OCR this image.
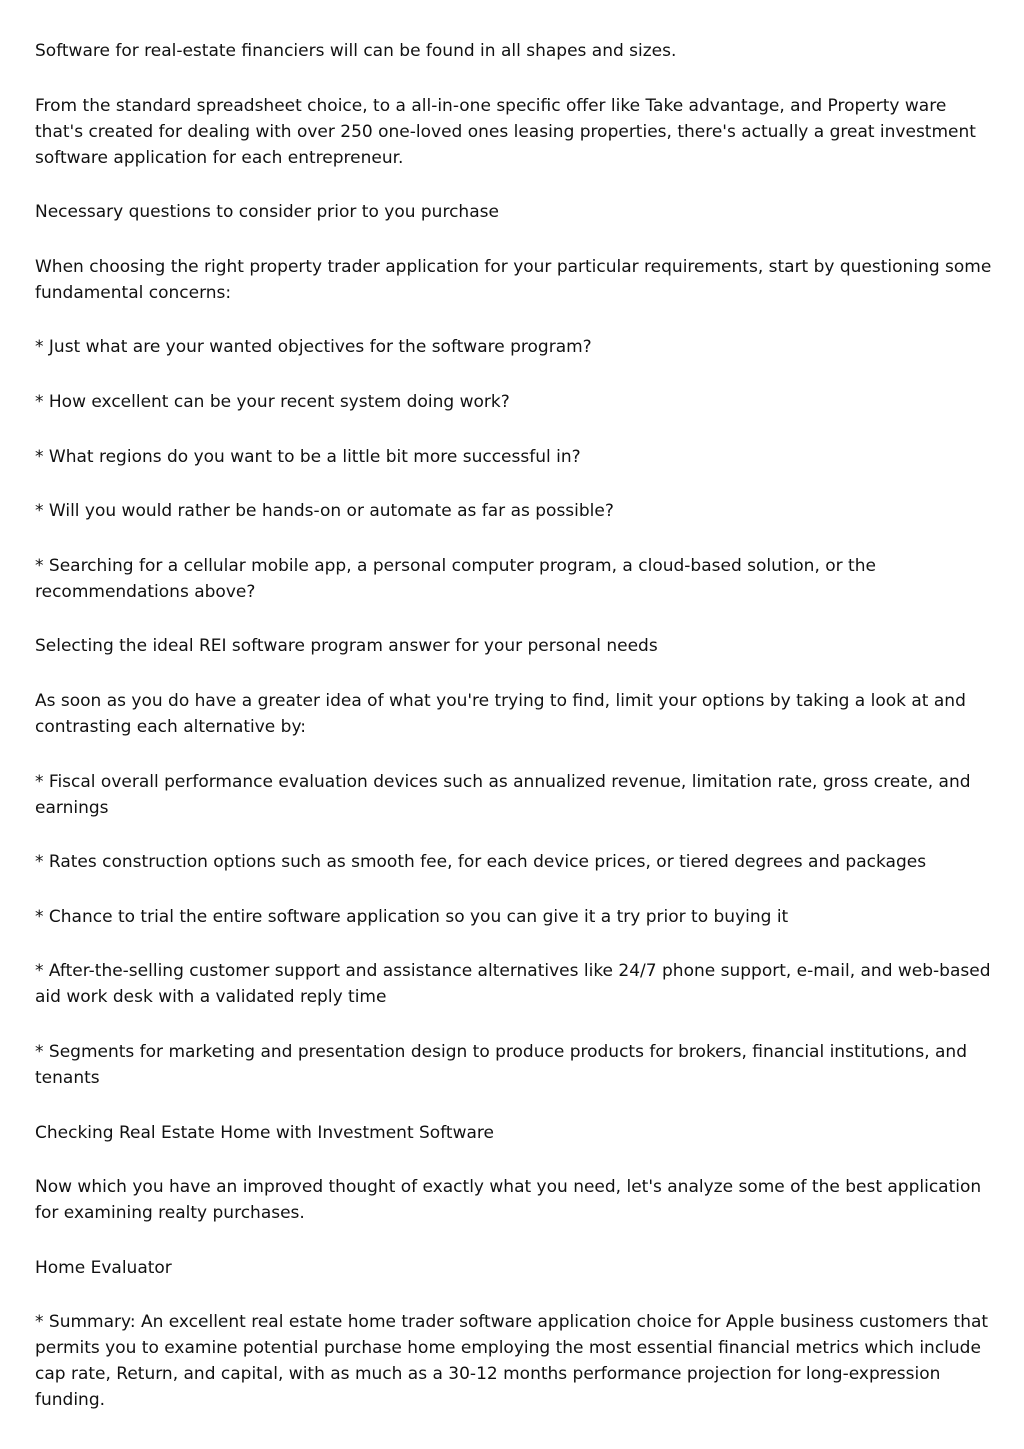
Software for real-estate financiers will can be found in all shapes and sizes.

From the standard spreadsheet choice, to a all-in-one specific offer like Take advantage, and Property ware that's created for dealing with over 250 one-loved ones leasing properties, there's actually a great investment software application for each entrepreneur.

Necessary questions to consider prior to you purchase

When choosing the right property trader application for your particular requirements, start by questioning some fundamental concerns:

* Just what are your wanted objectives for the software program?

* How excellent can be your recent system doing work?

* What regions do you want to be a little bit more successful in?

* Will you would rather be hands-on or automate as far as possible?

* Searching for a cellular mobile app, a personal computer program, a cloud-based solution, or the recommendations above?

Selecting the ideal REI software program answer for your personal needs

As soon as you do have a greater idea of what you're trying to find, limit your options by taking a look at and contrasting each alternative by:

* Fiscal overall performance evaluation devices such as annualized revenue, limitation rate, gross create, and earnings

* Rates construction options such as smooth fee, for each device prices, or tiered degrees and packages

* Chance to trial the entire software application so you can give it a try prior to buying it

* After-the-selling customer support and assistance alternatives like 24/7 phone support, e-mail, and web-based aid work desk with a validated reply time

* Segments for marketing and presentation design to produce products for brokers, financial institutions, and tenants

Checking Real Estate Home with Investment Software

Now which you have an improved thought of exactly what you need, let's analyze some of the best application for examining realty purchases.

Home Evaluator

* Summary: An excellent real estate home trader software application choice for Apple business customers that permits you to examine potential purchase home employing the most essential financial metrics which include cap rate, Return, and capital, with as much as a 30-12 months performance projection for long-expression funding.
